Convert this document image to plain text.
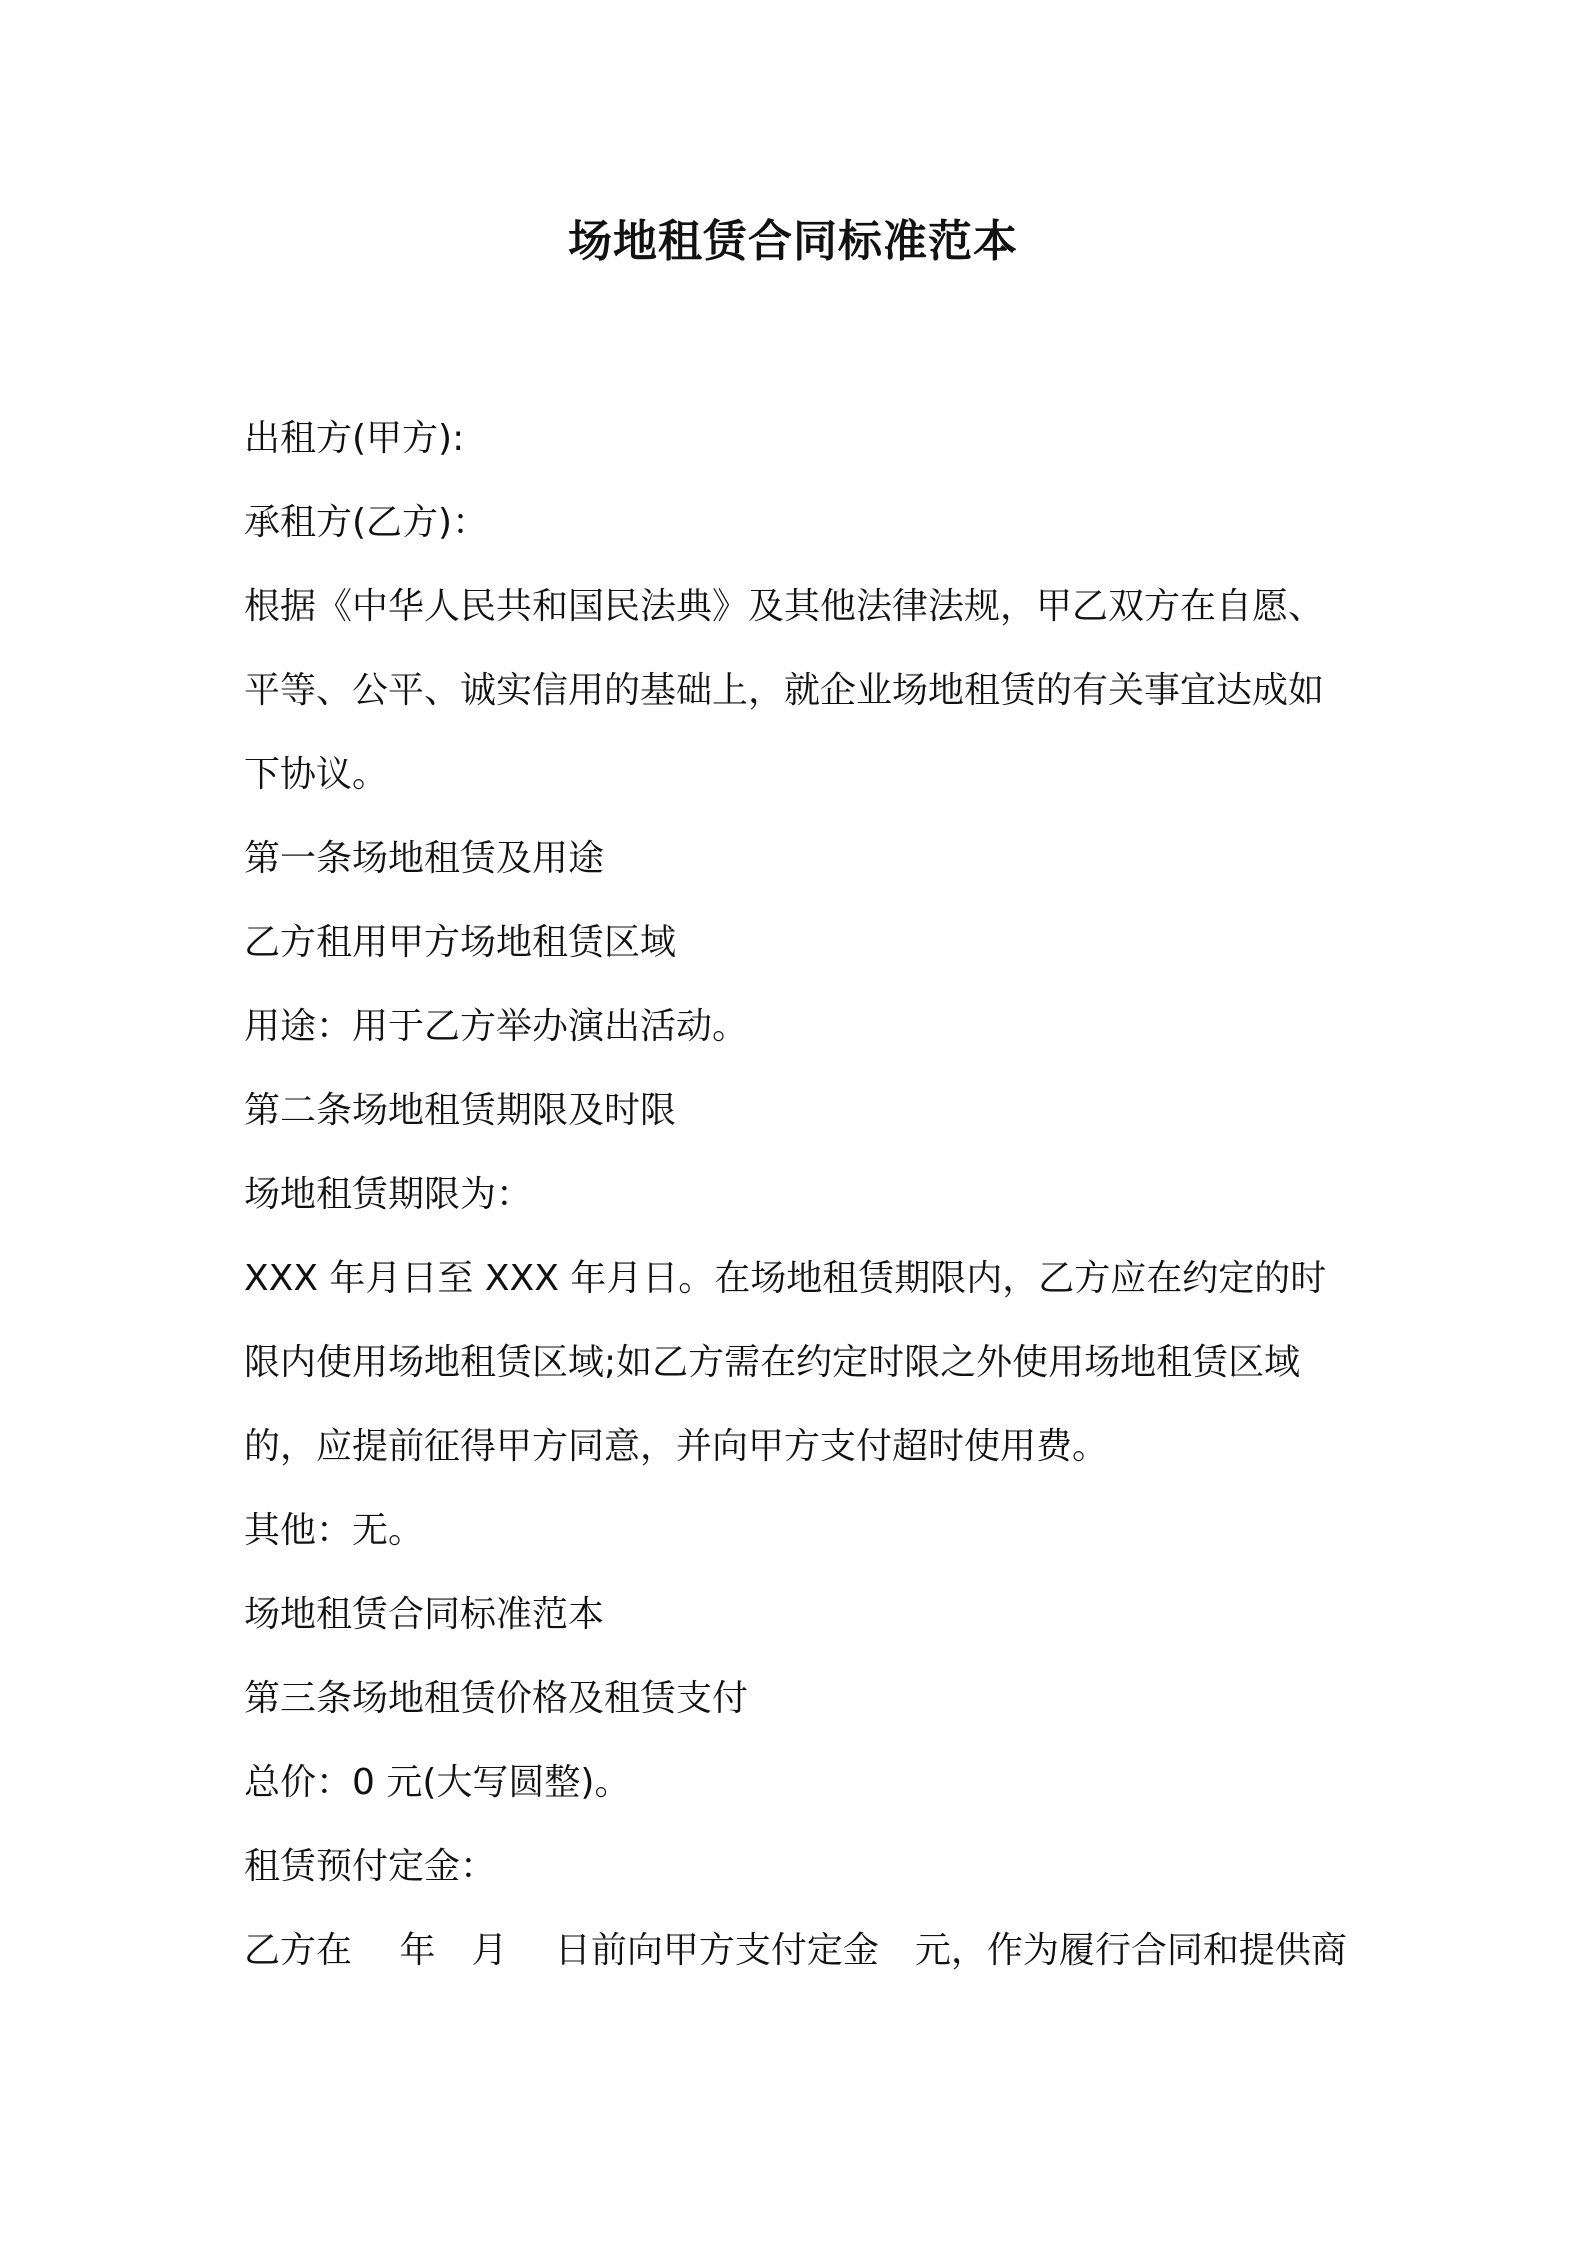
场地租赁合同标准范本
出租方(甲方):
承租方(乙方)：
根据《中华人民共和国民法典》及其他法律法规，甲乙双方在自愿、
平等、公平、诚实信用的基础上，就企业场地租赁的有关事宜达成如
下协议。
第一条场地租赁及用途
乙方租用甲方场地租赁区域
用途：用于乙方举办演出活动。
第二条场地租赁期限及时限
场地租赁期限为：
XXX 年月日至 XXX 年月日。在场地租赁期限内，乙方应在约定的时
限内使用场地租赁区域;如乙方需在约定时限之外使用场地租赁区域
的，应提前征得甲方同意，并向甲方支付超时使用费。
其他：无。
场地租赁合同标准范本
第三条场地租赁价格及租赁支付
总价：0 元(大写圆整)。
租赁预付定金：
乙方在　 年　月　 日前向甲方支付定金　元，作为履行合同和提供商
